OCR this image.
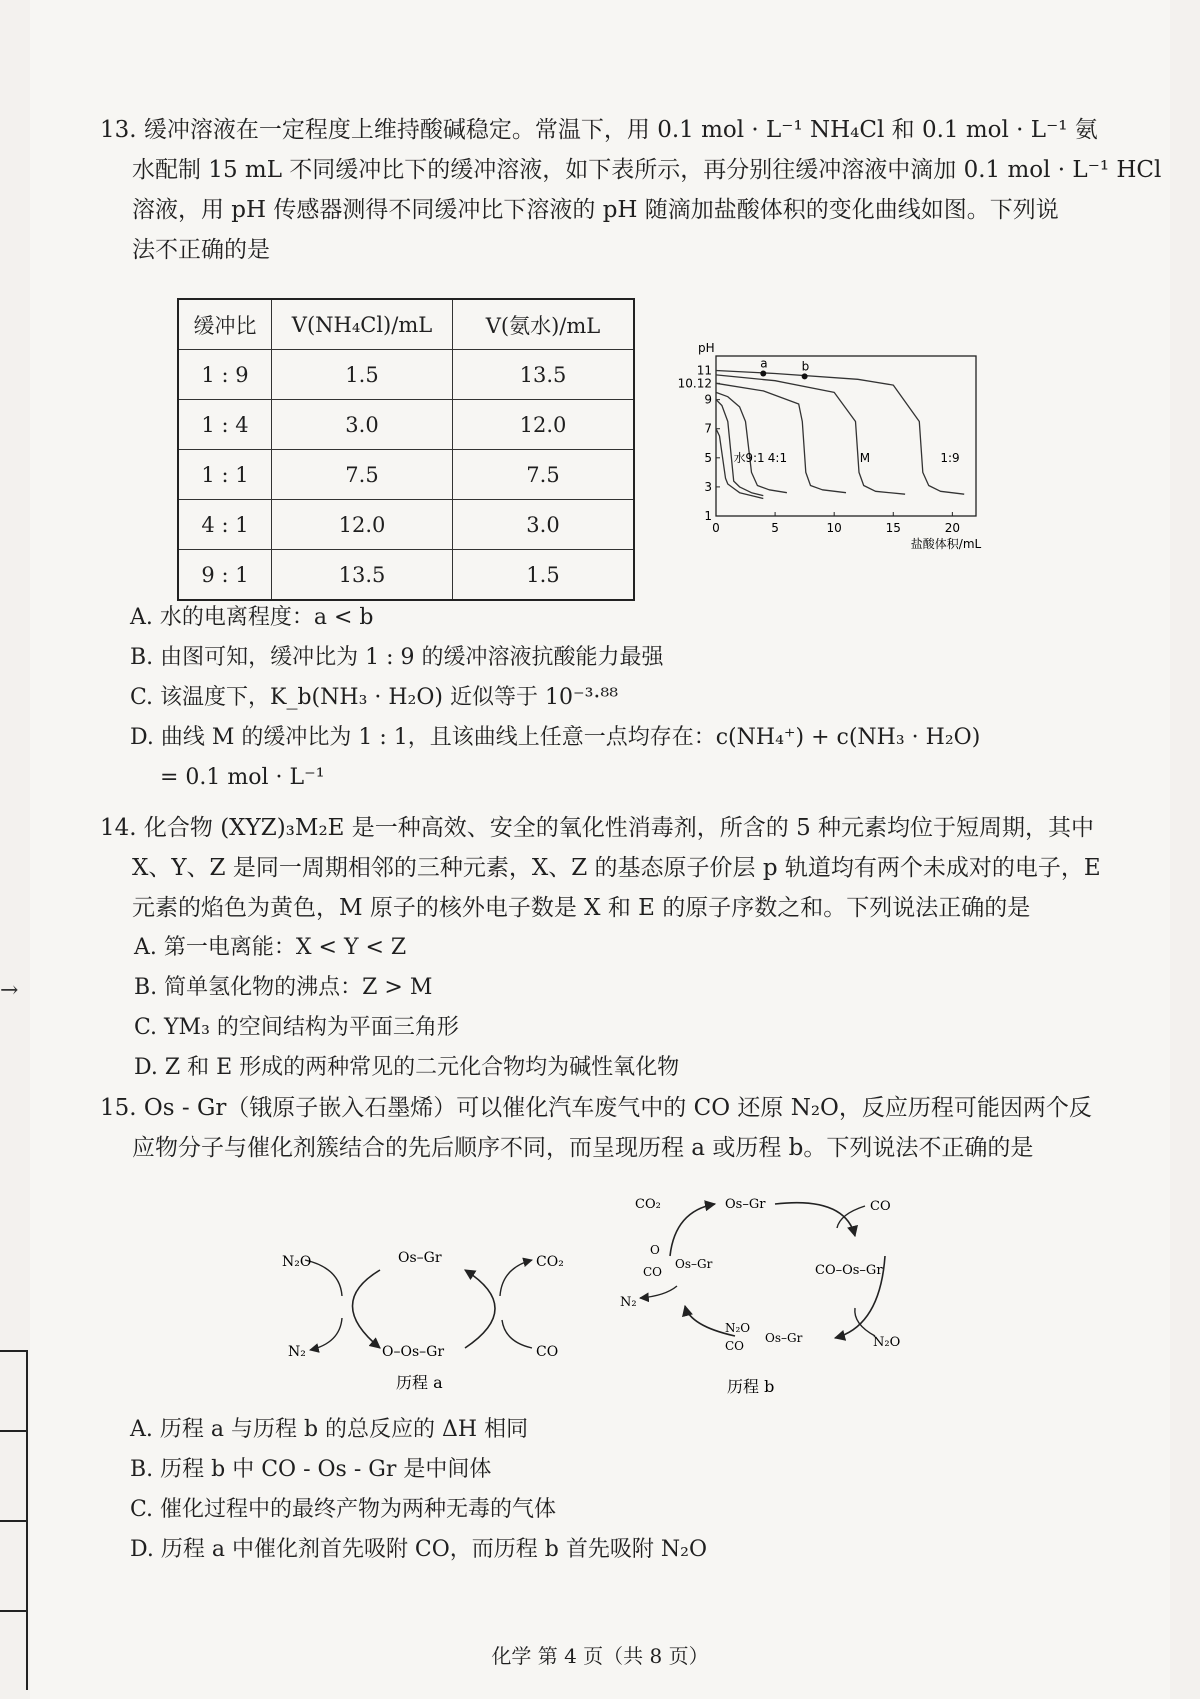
13. 缓冲溶液在一定程度上维持酸碱稳定。常温下，用 0.1 mol · L⁻¹ NH₄Cl 和 0.1 mol · L⁻¹ 氨

水配制 15 mL 不同缓冲比下的缓冲溶液，如下表所示，再分别往缓冲溶液中滴加 0.1 mol · L⁻¹ HCl

溶液，用 pH 传感器测得不同缓冲比下溶液的 pH 随滴加盐酸体积的变化曲线如图。下列说

法不正确的是

缓冲比	V(NH₄Cl)/mL	V(氨水)/mL
1 : 9	1.5	13.5
1 : 4	3.0	12.0
1 : 1	7.5	7.5
4 : 1	12.0	3.0
9 : 1	13.5	1.5
1
3
5
7
9
10.12
11
0	5	10	15	20
pH
盐酸体积/mL
a	b
水 9:1 4:1	M	1:9

A. 水的电离程度：a < b

B. 由图可知，缓冲比为 1 : 9 的缓冲溶液抗酸能力最强

C. 该温度下，K_b(NH₃ · H₂O) 近似等于 10⁻³·⁸⁸

D. 曲线 M 的缓冲比为 1 : 1，且该曲线上任意一点均存在：c(NH₄⁺) + c(NH₃ · H₂O)

= 0.1 mol · L⁻¹

14. 化合物 (XYZ)₃M₂E 是一种高效、安全的氧化性消毒剂，所含的 5 种元素均位于短周期，其中

X、Y、Z 是同一周期相邻的三种元素，X、Z 的基态原子价层 p 轨道均有两个未成对的电子，E

元素的焰色为黄色，M 原子的核外电子数是 X 和 E 的原子序数之和。下列说法正确的是

A. 第一电离能：X < Y < Z

B. 简单氢化物的沸点：Z > M

C. YM₃ 的空间结构为平面三角形

D. Z 和 E 形成的两种常见的二元化合物均为碱性氧化物

15. Os - Gr（锇原子嵌入石墨烯）可以催化汽车废气中的 CO 还原 N₂O，反应历程可能因两个反

应物分子与催化剂簇结合的先后顺序不同，而呈现历程 a 或历程 b。下列说法不正确的是

N₂O
N₂
Os–Gr
O–Os–Gr
CO₂
CO
历程 a
CO₂	Os–Gr	CO
CO–Os–Gr
N₂O
N₂O
CO
Os–Gr
N₂
O
CO
Os–Gr
历程 b

A. 历程 a 与历程 b 的总反应的 ΔH 相同

B. 历程 b 中 CO - Os - Gr 是中间体

C. 催化过程中的最终产物为两种无毒的气体

D. 历程 a 中催化剂首先吸附 CO，而历程 b 首先吸附 N₂O

化学 第 4 页（共 8 页）
→
